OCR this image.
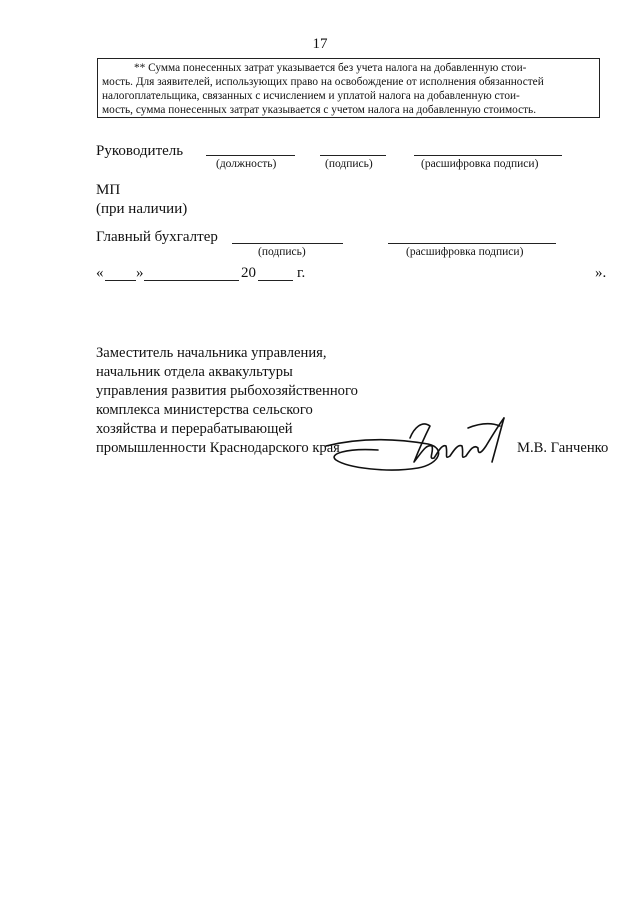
17
** Сумма понесенных затрат указывается без учета налога на добавленную стои-
мость. Для заявителей, использующих право на освобождение от исполнения обязанностей
налогоплательщика, связанных с исчислением и уплатой налога на добавленную стои-
мость, сумма понесенных затрат указывается с учетом налога на добавленную стоимость.
Руководитель
(должность)	(подпись)	(расшифровка подписи)
МП
(при наличии)
Главный бухгалтер
(подпись)	(расшифровка подписи)
« »	20	г.	».
Заместитель начальника управления,
начальник отдела аквакультуры
управления развития рыбохозяйственного
комплекса министерства сельского
хозяйства и перерабатывающей
промышленности Краснодарского края	М.В. Ганченко
